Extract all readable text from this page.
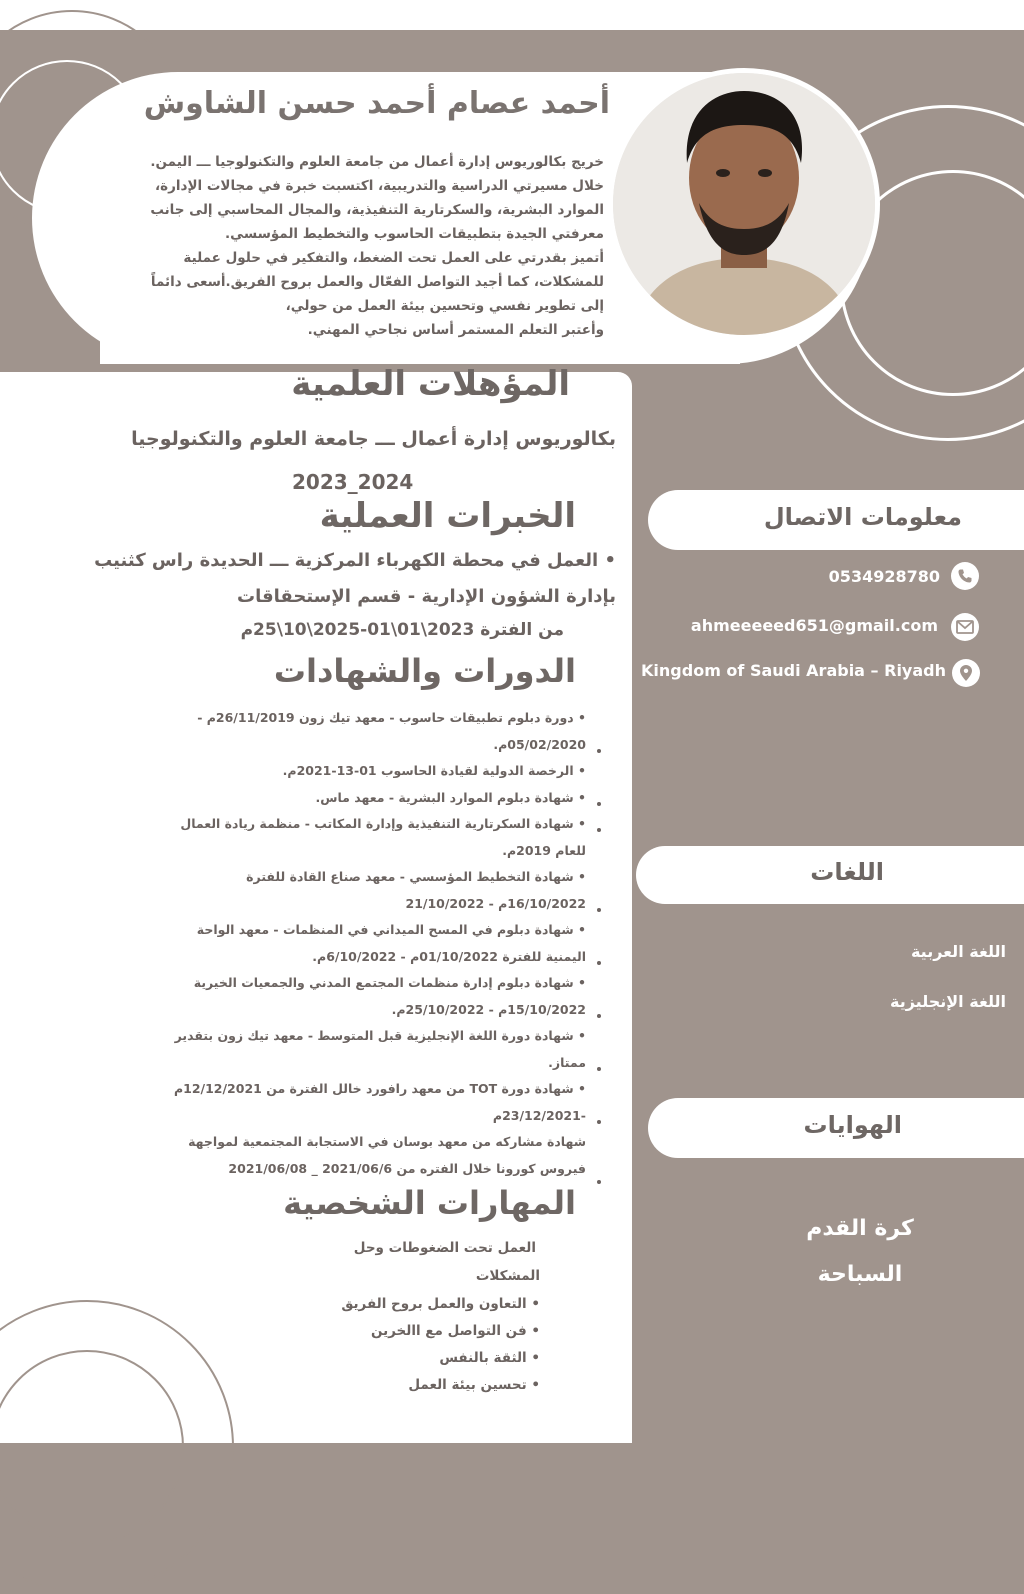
أحمد عصام أحمد حسن الشاوش

خريج بكالوريوس إدارة أعمال من جامعة العلوم والتكنولوجيا ـــ اليمن.

خلال مسيرتي الدراسية والتدريبية، اكتسبت خبرة في مجالات الإدارة،

الموارد البشرية، والسكرتارية التنفيذية، والمجال المحاسبي إلى جانب

معرفتي الجيدة بتطبيقات الحاسوب والتخطيط المؤسسي.

أتميز بقدرتي على العمل تحت الضغط، والتفكير في حلول عملية

للمشكلات، كما أجيد التواصل الفعّال والعمل بروح الفريق.أسعى دائماً

إلى تطوير نفسي وتحسين بيئة العمل من حولي،

وأعتبر التعلم المستمر أساس نجاحي المهني.

المؤهلات العلمية
بكالوريوس إدارة أعمال ـــ جامعة العلوم والتكنولوجيا
2023_2024
الخبرات العملية
• العمل في محطة الكهرباء المركزية ـــ الحديدة راس كثنيب
بإدارة الشؤون الإدارية - قسم الإستحقاقات
من الفترة 2023\01\01-2025\10\25م
الدورات والشهادات
• دورة دبلوم تطبيقات حاسوب - معهد تيك زون 26/11/2019م -
05/02/2020م.
• الرخصة الدولية لقيادة الحاسوب 01-13-2021م.
• شهادة دبلوم الموارد البشرية - معهد ماس.
• شهادة السكرتارية التنفيذية وإدارة المكاتب - منظمة ريادة العمال
للعام 2019م.
• شهادة التخطيط المؤسسي - معهد صناع القادة للفترة
16/10/2022م - 21/10/2022
• شهادة دبلوم في المسح الميداني في المنظمات - معهد الواحة
اليمنية للفترة 01/10/2022م - 6/10/2022م.
• شهادة دبلوم إدارة منظمات المجتمع المدني والجمعيات الخيرية
15/10/2022م - 25/10/2022م.
• شهادة دورة اللغة الإنجليزية قبل المتوسط - معهد تيك زون بتقدير
ممتاز.
• شهادة دورة TOT من معهد رافورد خالل الفترة من 12/12/2021م
-23/12/2021م
شهادة مشاركه من معهد بوسان في الاستجابة المجتمعية لمواجهة
فيروس كورونا خلال الفتره من 2021/06/6 _ 2021/06/08
المهارات الشخصية
العمل تحت الضغوطات وحل
المشكلات
• التعاون والعمل بروح الفريق
• فن التواصل مع االخرين
• الثقة بالنفس
• تحسين بيئة العمل
معلومات الاتصال
0534928780
ahmeeeeed651@gmail.com
Kingdom of Saudi Arabia – Riyadh
اللغات
اللغة العربية
اللغة الإنجليزية
الهوايات
كرة القدم
السباحة
